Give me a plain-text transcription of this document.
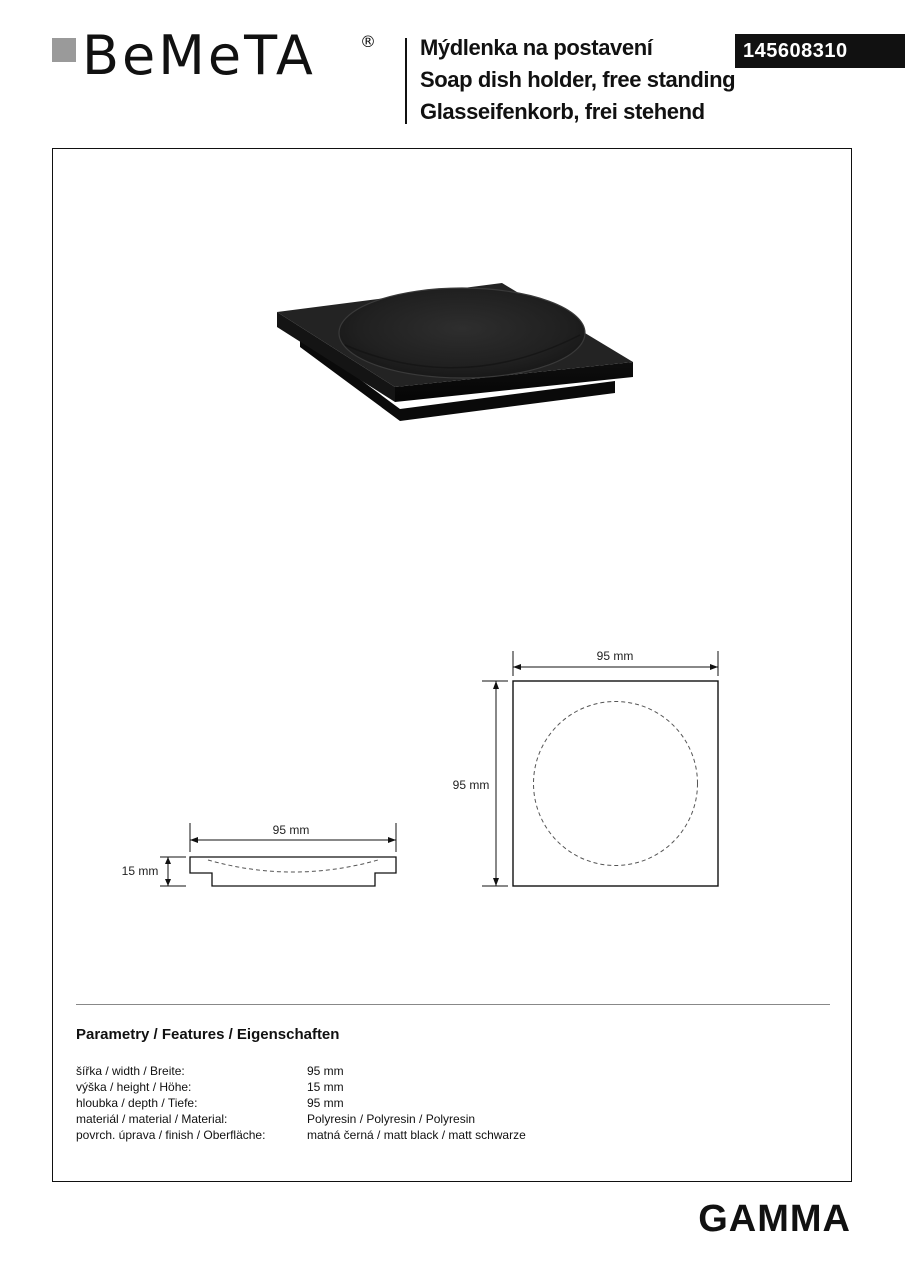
BeMeTA	® Mýdlenka na postavení
Soap dish holder, free standing
Glasseifenkorb, frei stehend
145608310
95 mm
95 mm
95 mm
15 mm
Parametry / Features / Eigenschaften
šířka / width / Breite:	95 mm
výška / height / Höhe:	15 mm
hloubka / depth / Tiefe:	95 mm
materiál / material / Material:	Polyresin / Polyresin / Polyresin
povrch. úprava / finish / Oberfläche:	matná černá / matt black / matt schwarze
GAMMA
